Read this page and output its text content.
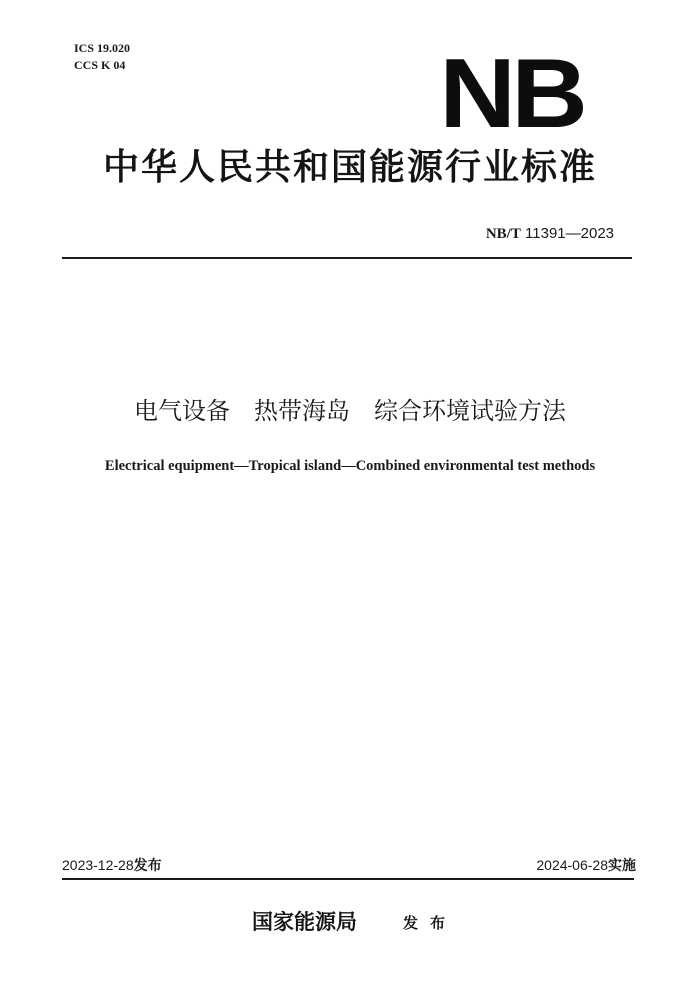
ICS 19.020
CCS K 04	NB
中华人民共和国能源行业标准
NB/T 11391—2023
电气设备　热带海岛　综合环境试验方法
Electrical equipment—Tropical island—Combined environmental test methods
2023-12-28发布	2024-06-28实施
国家能源局	发布
